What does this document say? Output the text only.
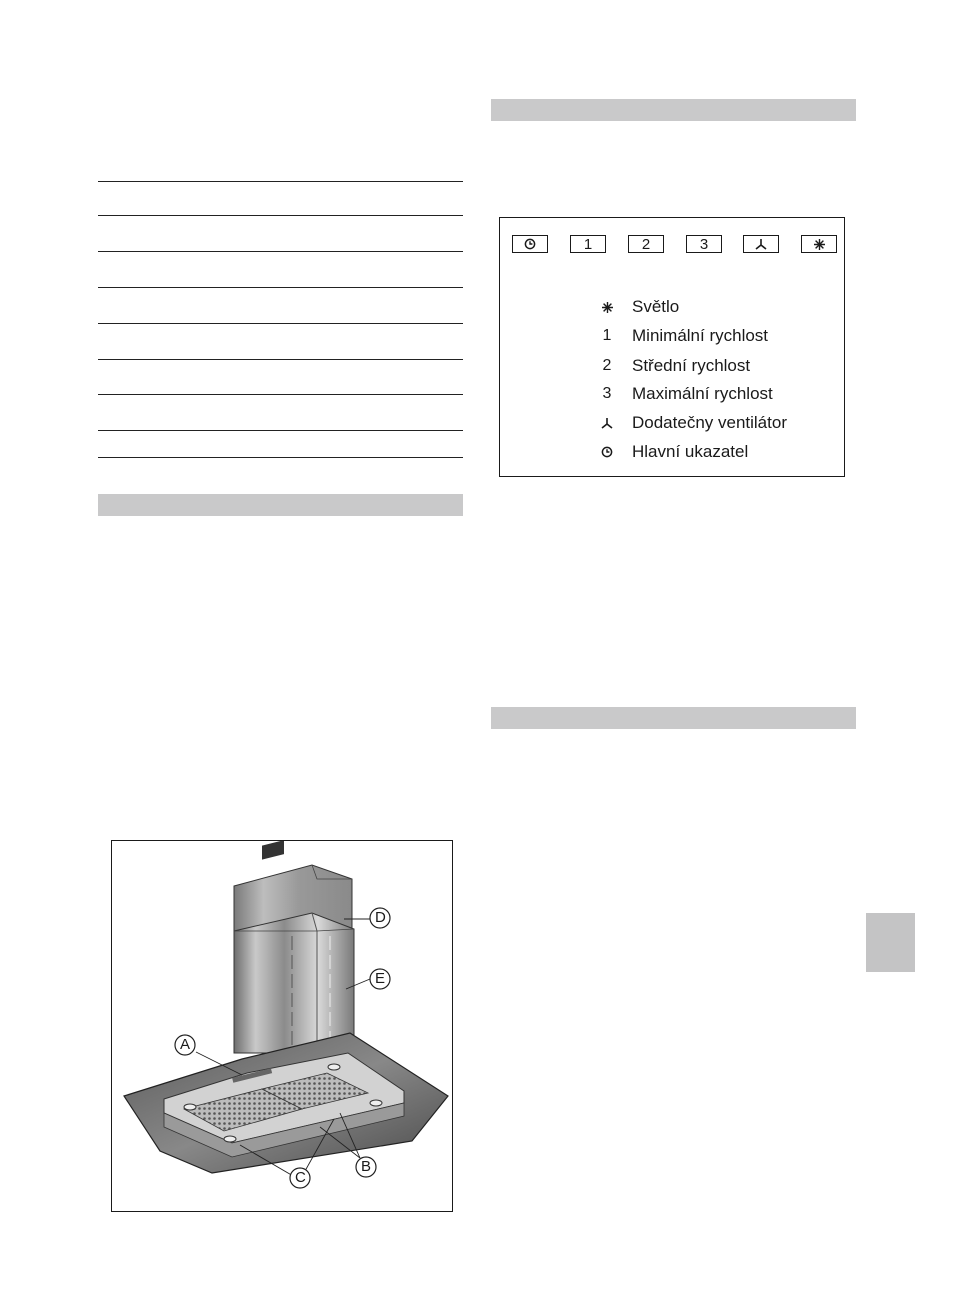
1	2	3
Světlo
1	Minimální rychlost
2	Střední rychlost
3	Maximální rychlost
Dodatečny ventilátor
Hlavní ukazatel
D
E
A
C
B
